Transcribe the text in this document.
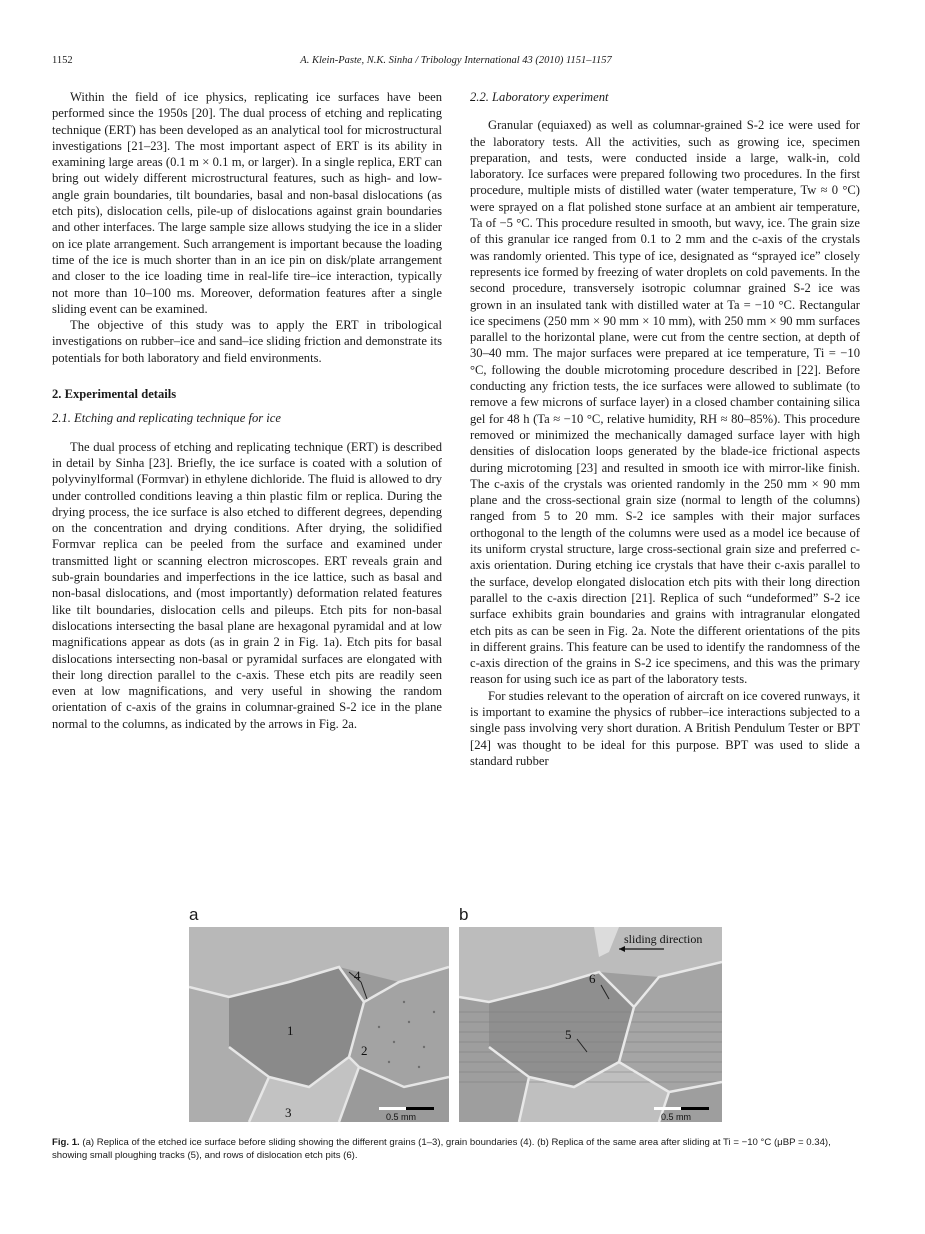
1152	A. Klein-Paste, N.K. Sinha / Tribology International 43 (2010) 1151–1157

Within the field of ice physics, replicating ice surfaces have been performed since the 1950s [20]. The dual process of etching and replicating technique (ERT) has been developed as an analytical tool for microstructural investigations [21–23]. The most important aspect of ERT is its ability in examining large areas (0.1 m × 0.1 m, or larger). In a single replica, ERT can bring out widely different microstructural features, such as high- and low-angle grain boundaries, tilt boundaries, basal and non-basal dislocations (as etch pits), dislocation cells, pile-up of dislocations against grain boundaries and other interfaces. The large sample size allows studying the ice in a slider on ice plate arrangement. Such arrangement is important because the loading time of the ice is much shorter than in an ice pin on disk/plate arrangement and closer to the ice loading time in real-life tire–ice interaction, typically not more than 10–100 ms. Moreover, deformation features after a single sliding event can be examined.

The objective of this study was to apply the ERT in tribological investigations on rubber–ice and sand–ice sliding friction and demonstrate its potentials for both laboratory and field environments.

2. Experimental details
2.1. Etching and replicating technique for ice

The dual process of etching and replicating technique (ERT) is described in detail by Sinha [23]. Briefly, the ice surface is coated with a solution of polyvinylformal (Formvar) in ethylene dichloride. The fluid is allowed to dry under controlled conditions leaving a thin plastic film or replica. During the drying process, the ice surface is also etched to different degrees, depending on the concentration and drying conditions. After drying, the solidified Formvar replica can be peeled from the surface and examined under transmitted light or scanning electron microscopes. ERT reveals grain and sub-grain boundaries and imperfections in the ice lattice, such as basal and non-basal dislocations, and (most importantly) deformation related features like tilt boundaries, dislocation cells and pileups. Etch pits for non-basal dislocations intersecting the basal plane are hexagonal pyramidal and at low magnifications appear as dots (as in grain 2 in Fig. 1a). Etch pits for basal dislocations intersecting non-basal or pyramidal surfaces are elongated with their long direction parallel to the c-axis. These etch pits are readily seen even at low magnifications, and very useful in showing the random orientation of c-axis of the grains in columnar-grained S-2 ice in the plane normal to the columns, as indicated by the arrows in Fig. 2a.

2.2. Laboratory experiment

Granular (equiaxed) as well as columnar-grained S-2 ice were used for the laboratory tests. All the activities, such as growing ice, specimen preparation, and tests, were conducted inside a large, walk-in, cold laboratory. Ice surfaces were prepared following two procedures. In the first procedure, multiple mists of distilled water (water temperature, Tw ≈ 0 °C) were sprayed on a flat polished stone surface at an ambient air temperature, Ta of −5 °C. This procedure resulted in smooth, but wavy, ice. The grain size of this granular ice ranged from 0.1 to 2 mm and the c-axis of the crystals was randomly oriented. This type of ice, designated as “sprayed ice” closely represents ice formed by freezing of water droplets on cold pavements. In the second procedure, transversely isotropic columnar grained S-2 ice was grown in an insulated tank with distilled water at Ta = −10 °C. Rectangular ice specimens (250 mm × 90 mm × 10 mm), with 250 mm × 90 mm surfaces parallel to the horizontal plane, were cut from the centre section, at depth of 30–40 mm. The major surfaces were prepared at ice temperature, Ti = −10 °C, following the double microtoming procedure described in [22]. Before conducting any friction tests, the ice surfaces were allowed to sublimate (to remove a few microns of surface layer) in a closed chamber containing silica gel for 48 h (Ta ≈ −10 °C, relative humidity, RH ≈ 80–85%). This procedure removed or minimized the mechanically damaged surface layer with high densities of dislocation loops generated by the blade-ice frictional aspects during microtoming [23] and resulted in smooth ice with mirror-like finish. The c-axis of the crystals was oriented randomly in the 250 mm × 90 mm plane and the cross-sectional grain size (normal to length of the columns) ranged from 5 to 20 mm. S-2 ice samples with their major surfaces orthogonal to the length of the columns were used as a model ice because of its uniform crystal structure, large cross-sectional grain size and preferred c-axis orientation. During etching ice crystals that have their c-axis parallel to the surface, develop elongated dislocation etch pits with their long direction parallel to the c-axis direction [21]. Replica of such “undeformed” S-2 ice surface exhibits grain boundaries and grains with intragranular elongated etch pits as can be seen in Fig. 2a. Note the different orientations of the pits in different grains. This feature can be used to identify the randomness of the c-axis direction of the grains in S-2 ice specimens, and this was the primary reason for using such ice as part of the laboratory tests.

For studies relevant to the operation of aircraft on ice covered runways, it is important to examine the physics of rubber–ice interactions subjected to a single pass involving very short duration. A British Pendulum Tester or BPT [24] was thought to be ideal for this purpose. BPT was used to slide a standard rubber

a	b
1
2
3
4
0.5 mm
sliding direction
6
5
0.5 mm
Fig. 1. (a) Replica of the etched ice surface before sliding showing the different grains (1–3), grain boundaries (4). (b) Replica of the same area after sliding at Ti = −10 °C (μBP = 0.34), showing small ploughing tracks (5), and rows of dislocation etch pits (6).
